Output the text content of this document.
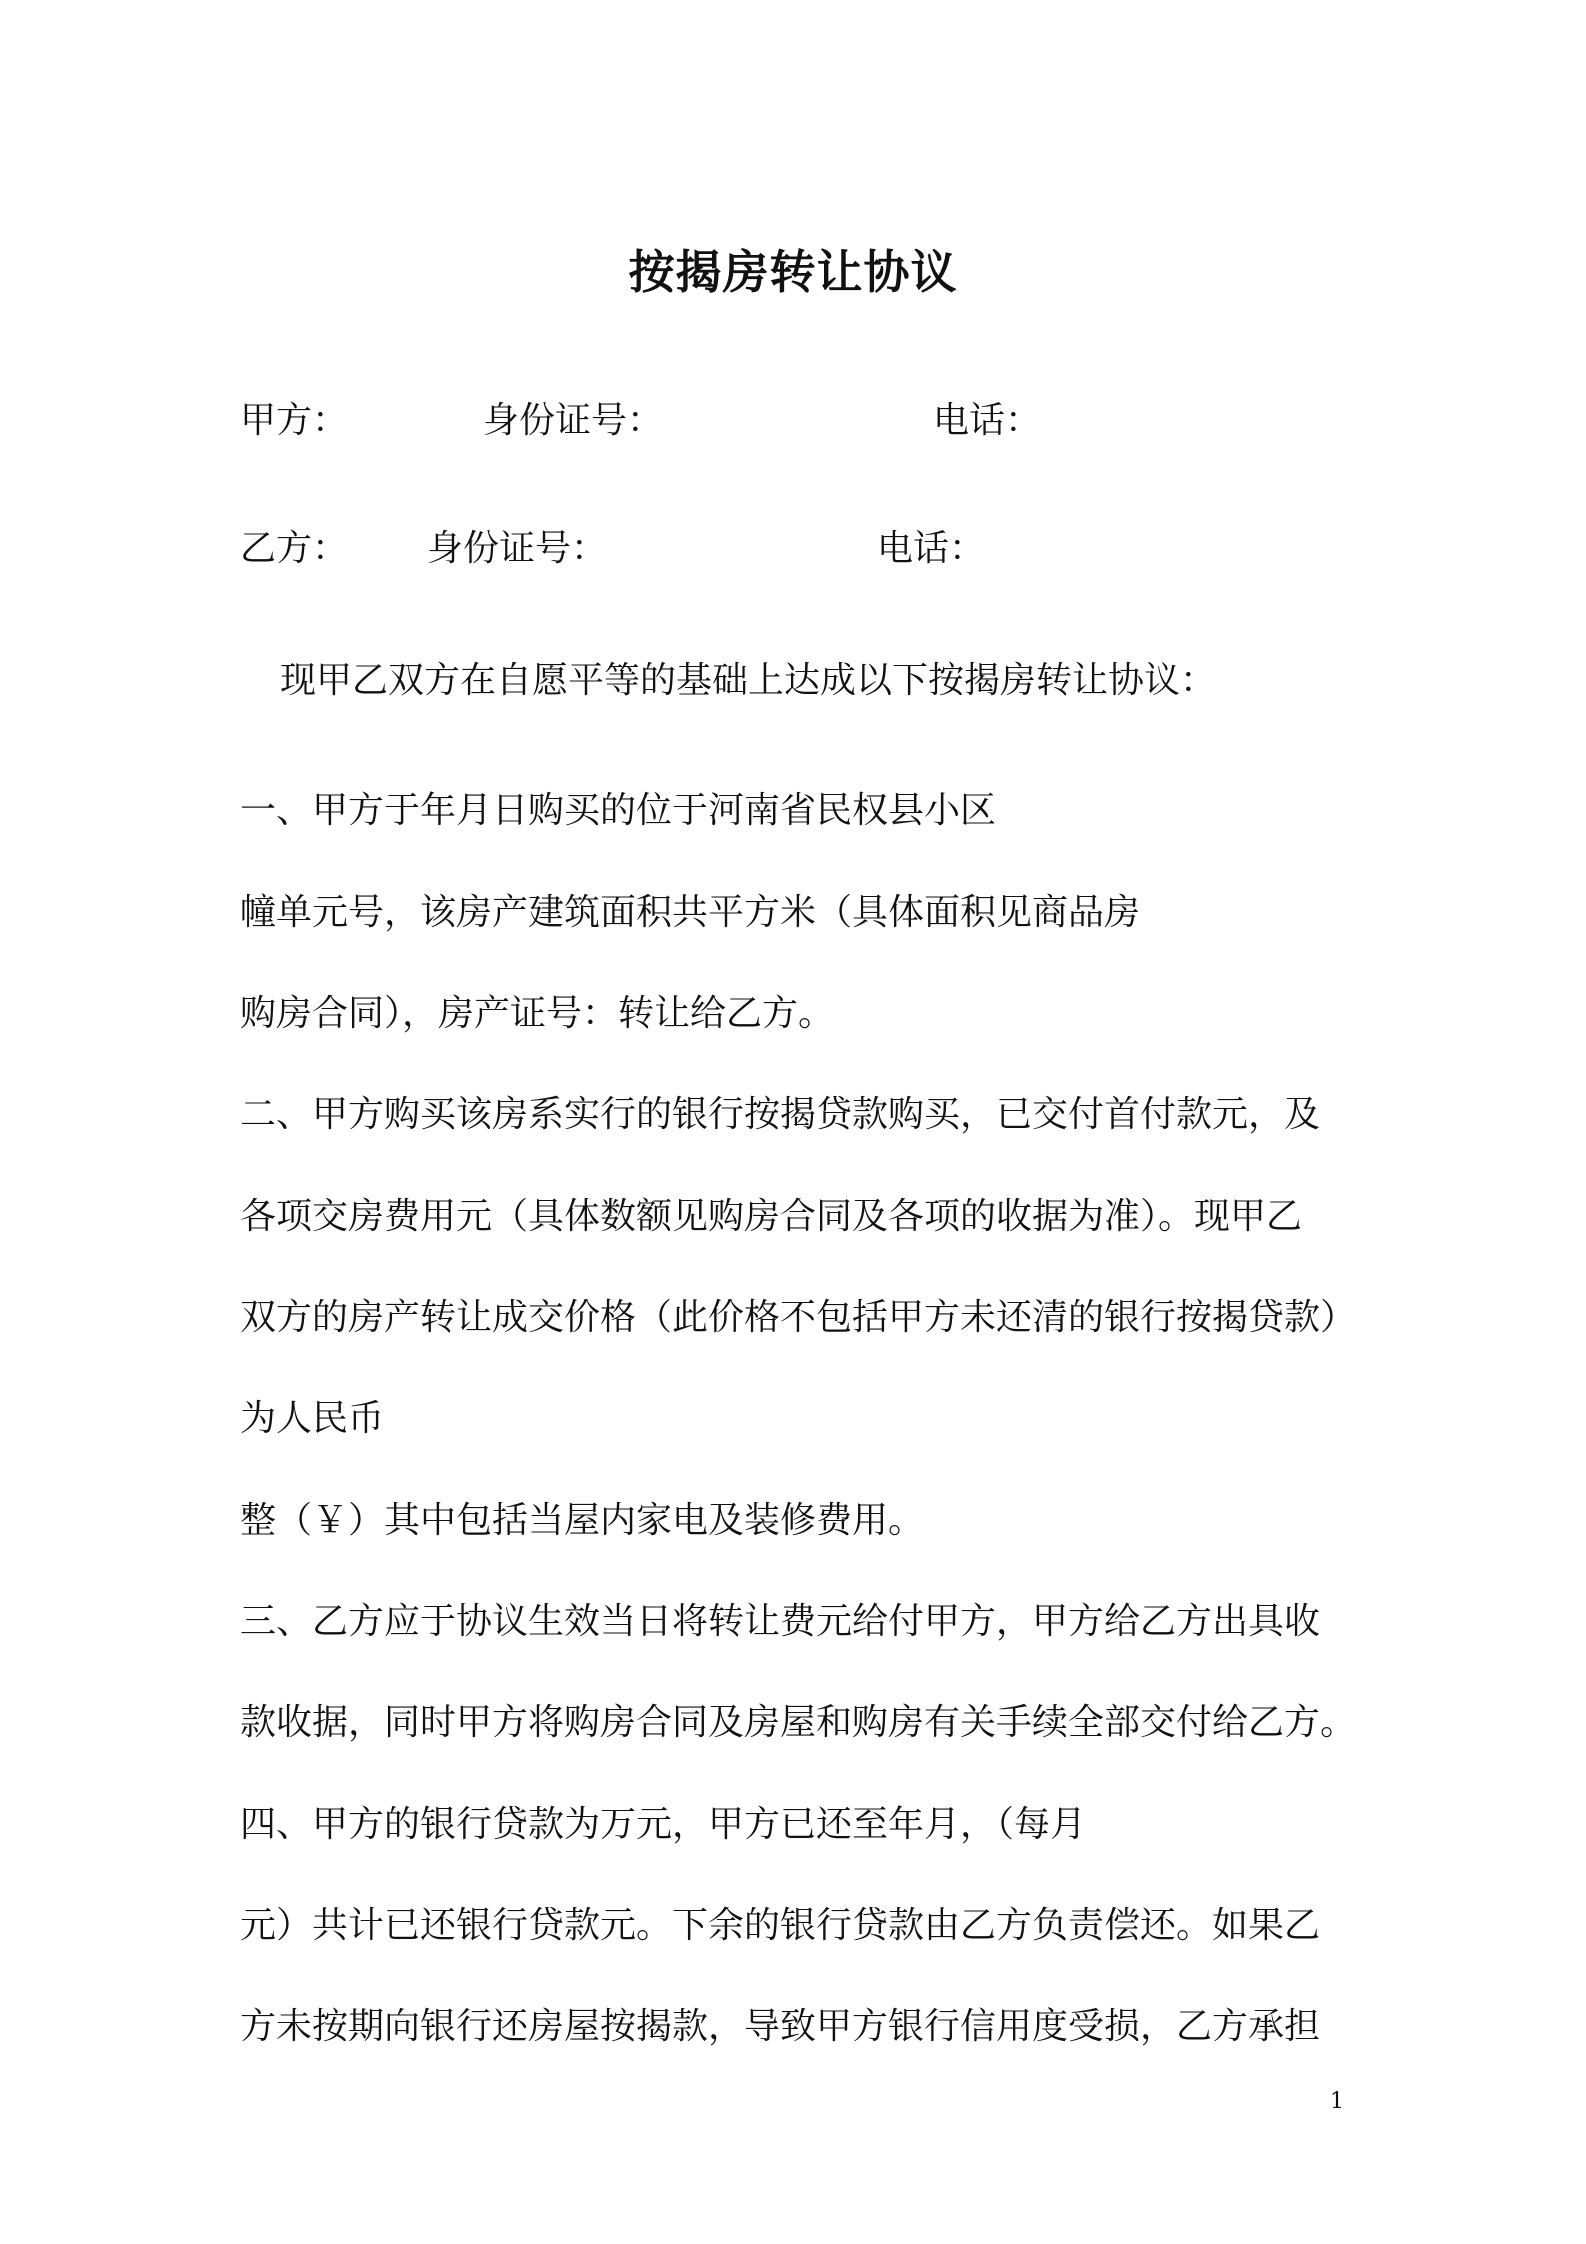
按揭房转让协议
甲方：	身份证号：	电话：
乙方： 身份证号：	电话：
现甲乙双方在自愿平等的基础上达成以下按揭房转让协议：
一、甲方于年月日购买的位于河南省民权县小区
幢单元号，该房产建筑面积共平方米（具体面积见商品房
购房合同），房产证号：转让给乙方。
二、甲方购买该房系实行的银行按揭贷款购买，已交付首付款元，及
各项交房费用元（具体数额见购房合同及各项的收据为准）。现甲乙
双方的房产转让成交价格（此价格不包括甲方未还清的银行按揭贷款）
为人民币
整（￥）其中包括当屋内家电及装修费用。
三、乙方应于协议生效当日将转让费元给付甲方，甲方给乙方出具收
款收据，同时甲方将购房合同及房屋和购房有关手续全部交付给乙方。
四、甲方的银行贷款为万元，甲方已还至年月，（每月
元）共计已还银行贷款元。下余的银行贷款由乙方负责偿还。如果乙
方未按期向银行还房屋按揭款，导致甲方银行信用度受损，乙方承担
1
